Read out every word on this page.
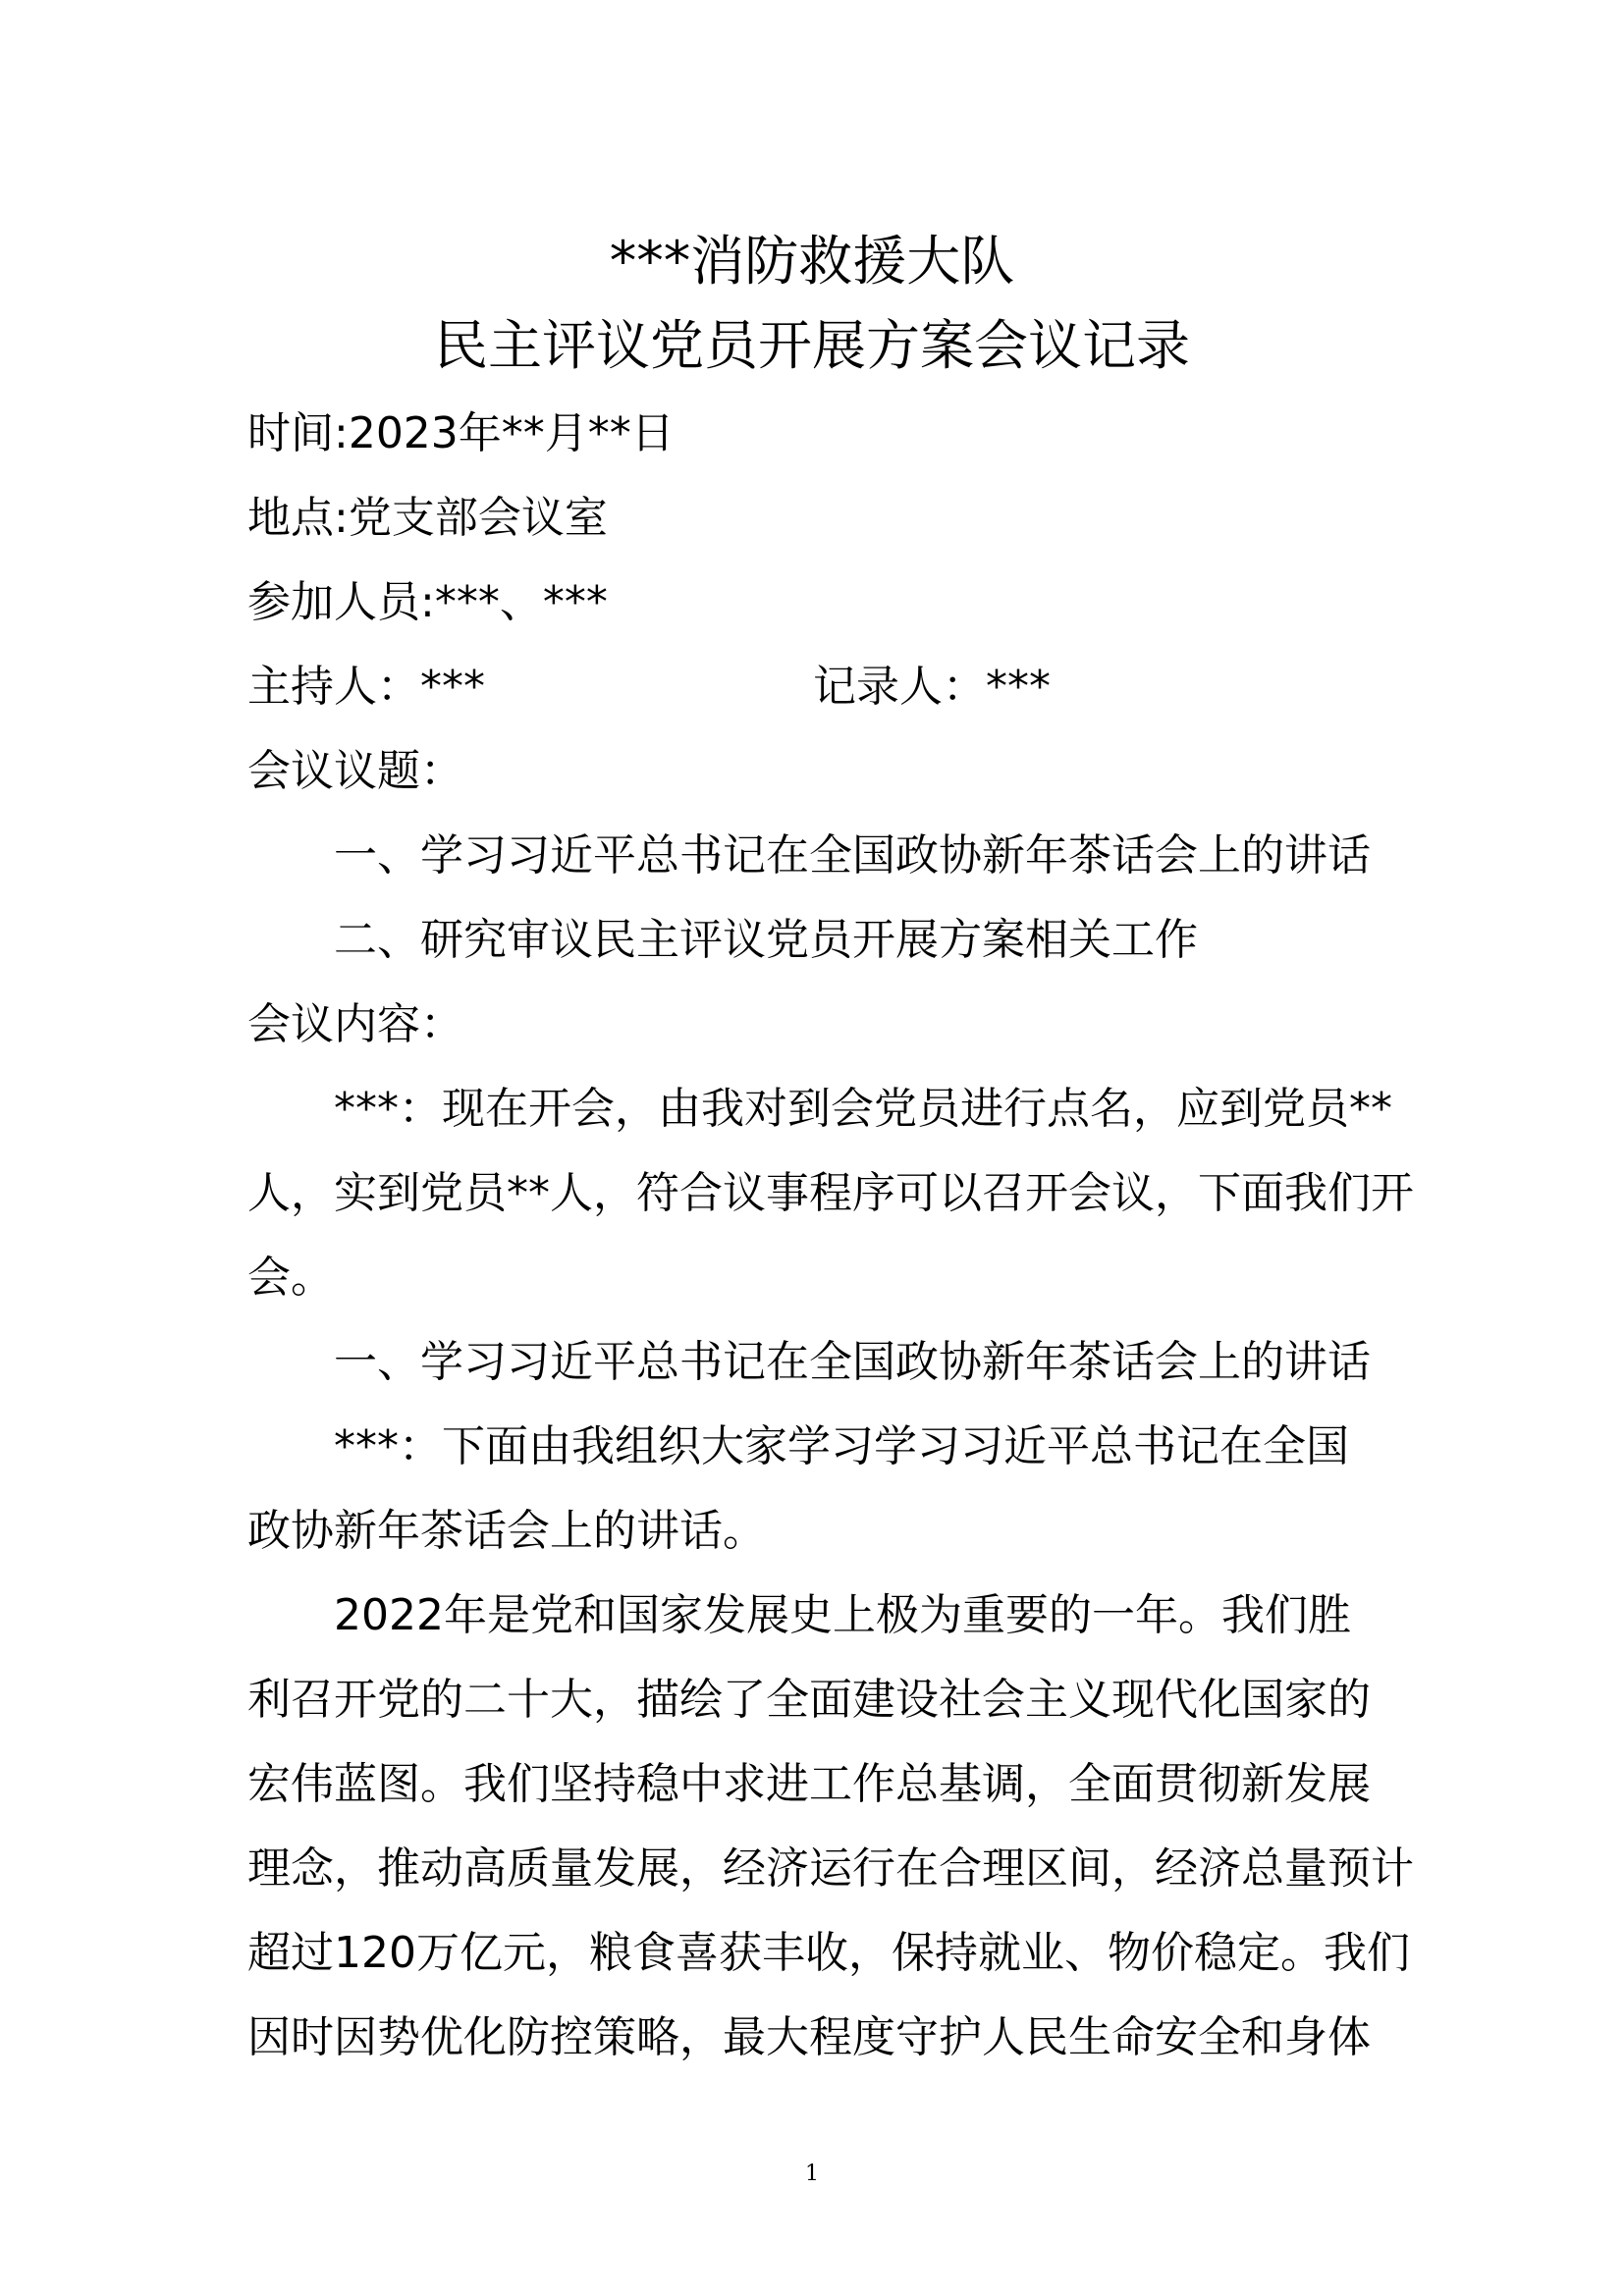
***消防救援大队
民主评议党员开展方案会议记录
时间:2023年**月**日
地点:党支部会议室
参加人员:***、***
主持人：***	记录人：***
会议议题：
一、学习习近平总书记在全国政协新年茶话会上的讲话
二、研究审议民主评议党员开展方案相关工作
会议内容：
***：现在开会，由我对到会党员进行点名，应到党员**
人，实到党员**人，符合议事程序可以召开会议，下面我们开
会。
一、学习习近平总书记在全国政协新年茶话会上的讲话
***：下面由我组织大家学习学习习近平总书记在全国
政协新年茶话会上的讲话。
2022年是党和国家发展史上极为重要的一年。我们胜
利召开党的二十大，描绘了全面建设社会主义现代化国家的
宏伟蓝图。我们坚持稳中求进工作总基调，全面贯彻新发展
理念，推动高质量发展，经济运行在合理区间，经济总量预计
超过120万亿元，粮食喜获丰收，保持就业、物价稳定。我们
因时因势优化防控策略，最大程度守护人民生命安全和身体
1
